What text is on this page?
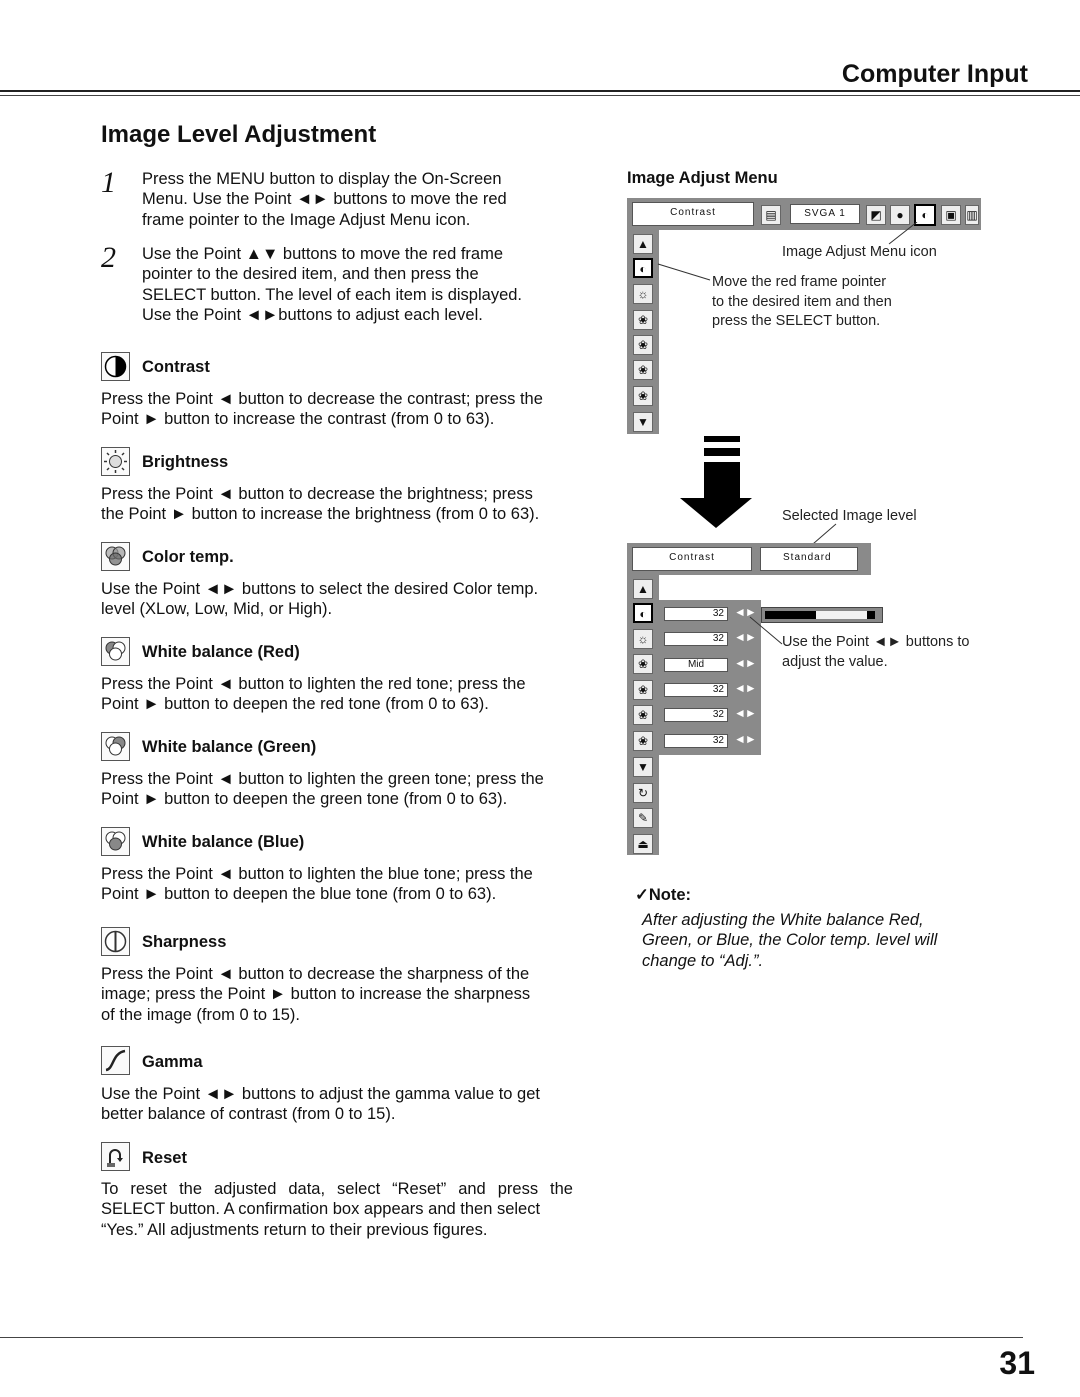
Computer Input
Image Level Adjustment
1 Press the MENU button to display the On-Screen
Menu. Use the Point ◄► buttons to move the red
frame pointer to the Image Adjust Menu icon.
2 Use the Point ▲▼ buttons to move the red frame
pointer to the desired item, and then press the
SELECT button. The level of each item is displayed.
Use the Point ◄►buttons to adjust each level.
Contrast
Press the Point ◄ button to decrease the contrast; press the
Point ► button to increase the contrast (from 0 to 63).
Brightness
Press the Point ◄ button to decrease the brightness; press
the Point ► button to increase the brightness (from 0 to 63).
Color temp.
Use the Point ◄► buttons to select the desired Color temp.
level (XLow, Low, Mid, or High).
White balance (Red)
Press the Point ◄ button to lighten the red tone; press the
Point ► button to deepen the red tone (from 0 to 63).
White balance (Green)
Press the Point ◄ button to lighten the green tone; press the
Point ► button to deepen the green tone (from 0 to 63).
White balance (Blue)
Press the Point ◄ button to lighten the blue tone; press the
Point ► button to deepen the blue tone (from 0 to 63).
Sharpness
Press the Point ◄ button to decrease the sharpness of the
image; press the Point ► button to increase the sharpness
of the image (from 0 to 15).
Gamma
Use the Point ◄► buttons to adjust the gamma value to get
better balance of contrast (from 0 to 15).
Reset
To reset the adjusted data, select “Reset” and press the
SELECT button. A confirmation box appears and then select
“Yes.” All adjustments return to their previous figures.
Image Adjust Menu
Contrast	▤	SVGA 1	◩	●	◐	▣ ▥
▲
◐
☼
❀
❀
❀
❀
▼
Image Adjust Menu icon
Move the red frame pointer
to the desired item and then
press the SELECT button.
Selected Image level
Contrast	Standard
▲
◐
☼
❀
❀
❀
❀
▼
↻
✎
⏏
32 ◄►
32 ◄►
Mid	◄►
32 ◄►
32 ◄►
32 ◄►
Use the Point ◄► buttons to
adjust the value.
✓Note:
After adjusting the White balance Red,
Green, or Blue, the Color temp. level will
change to “Adj.”.
31
